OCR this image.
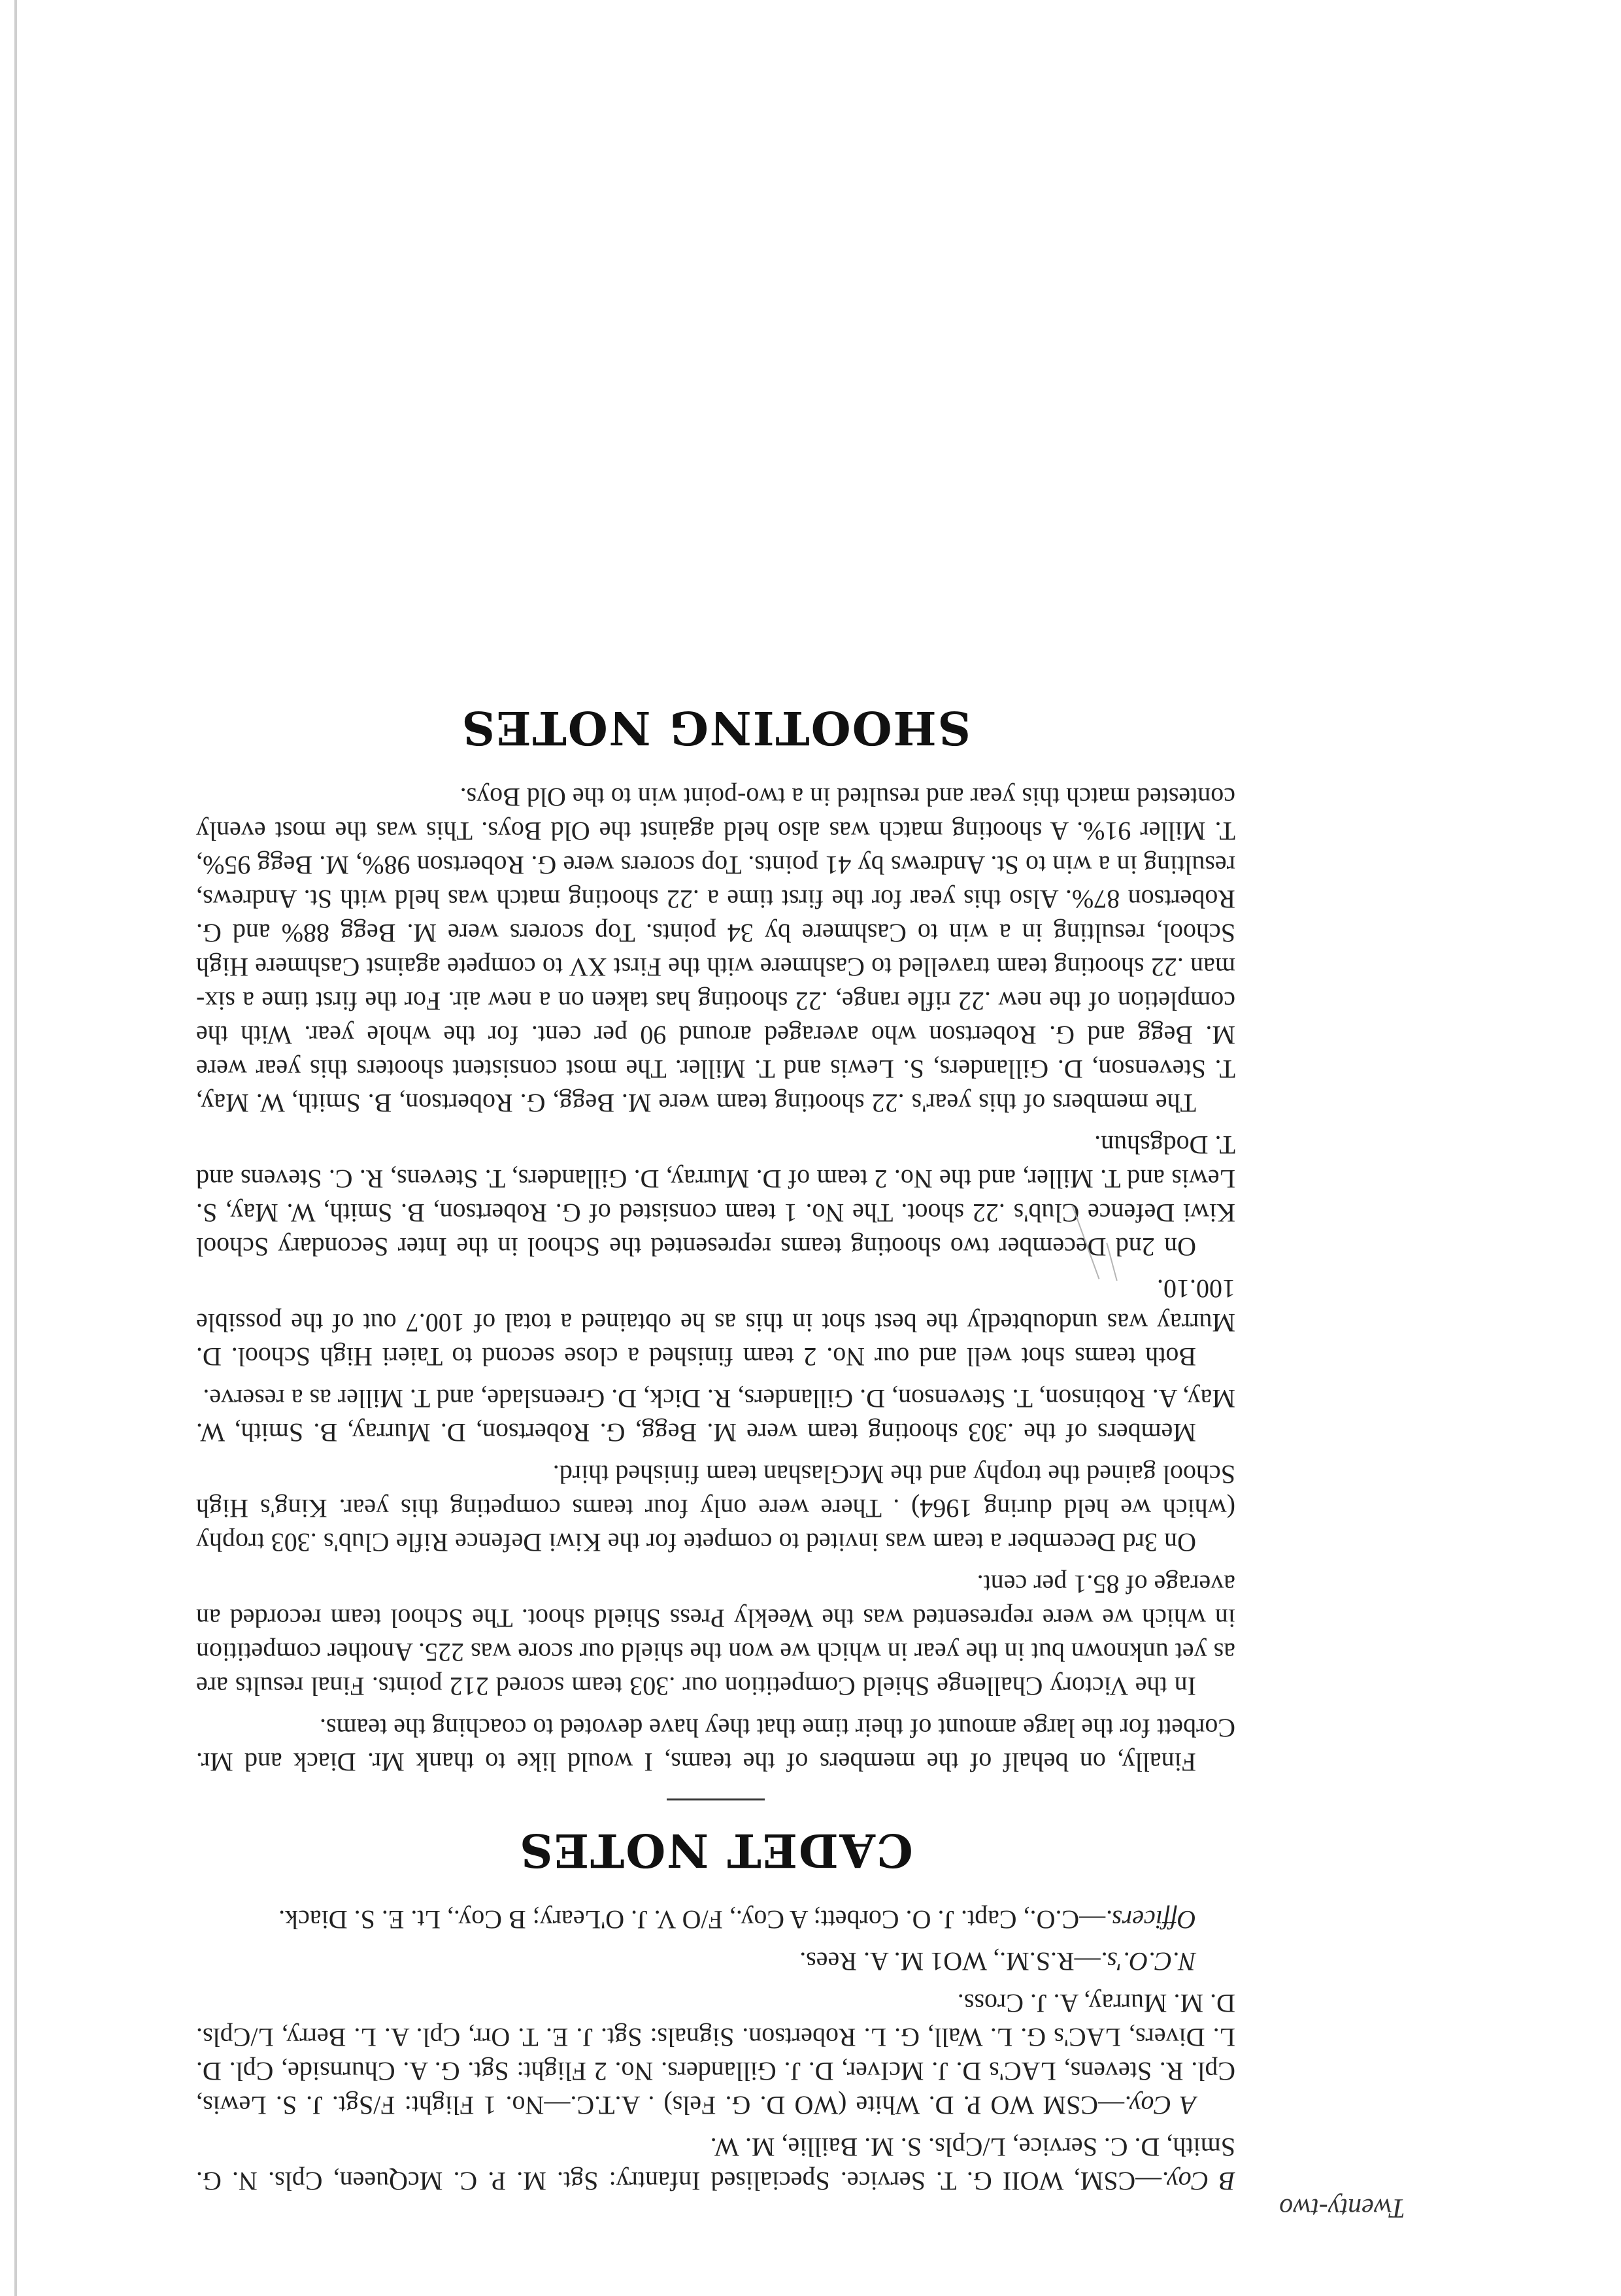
Twenty-two

B Coy.—CSM, WOII G. T. Service. Specialised Infantry: Sgt. M. P. C. McQueen, Cpls. N. G. Smith, D. C. Service, L/Cpls. S. M. Baillie, M. W.

A Coy.—CSM WO P. D. White (WO D. G. Fels) . A.T.C.—No. 1 Flight: F/Sgt. J. S. Lewis, Cpl. R. Stevens, LAC's D. J. McIver, D. J. Gillanders. No. 2 Flight: Sgt. G. A. Churnside, Cpl. D. L. Divers, LAC's G. L. Wall, G. L. Robertson. Signals: Sgt. J. E. T. Orr, Cpl. A. L. Berry, L/Cpls. D. M. Murray, A. J. Cross.

N.C.O.'s.—R.S.M., WO1 M. A. Rees.

Officers.—C.O., Capt. J. O. Corbett; A Coy., F/O V. J. O'Leary; B Coy., Lt. E. S. Diack.

CADET NOTES

Finally, on behalf of the members of the teams, I would like to thank Mr. Diack and Mr. Corbett for the large amount of their time that they have devoted to coaching the teams.

In the Victory Challenge Shield Competition our .303 team scored 212 points. Final results are as yet unknown but in the year in which we won the shield our score was 225. Another competition in which we were represented was the Weekly Press Shield shoot. The School team recorded an average of 85.1 per cent.

On 3rd December a team was invited to compete for the Kiwi Defence Rifle Club's .303 trophy (which we held during 1964) . There were only four teams competing this year. King's High School gained the trophy and the McGlashan team finished third.

Members of the .303 shooting team were M. Begg, G. Robertson, D. Murray, B. Smith, W. May, A. Robinson, T. Stevenson, D. Gillanders, R. Dick, D. Greenslade, and T. Miller as a reserve.

Both teams shot well and our No. 2 team finished a close second to Taieri High School. D. Murray was undoubtedly the best shot in this as he obtained a total of 100.7 out of the possible 100.10.

On 2nd December two shooting teams represented the School in the Inter Secondary School Kiwi Defence Club's .22 shoot. The No. 1 team consisted of G. Robertson, B. Smith, W. May, S. Lewis and T. Miller, and the No. 2 team of D. Murray, D. Gillanders, T. Stevens, R. C. Stevens and T. Dodgshun.

The members of this year's .22 shooting team were M. Begg, G. Robertson, B. Smith, W. May, T. Stevenson, D. Gillanders, S. Lewis and T. Miller. The most consistent shooters this year were M. Begg and G. Robertson who averaged around 90 per cent. for the whole year. With the completion of the new .22 rifle range, .22 shooting has taken on a new air. For the first time a six-man .22 shooting team travelled to Cashmere with the First XV to compete against Cashmere High School, resulting in a win to Cashmere by 34 points. Top scorers were M. Begg 88% and G. Robertson 87%. Also this year for the first time a .22 shooting match was held with St. Andrews, resulting in a win to St. Andrews by 41 points. Top scorers were G. Robertson 98%, M. Begg 95%, T. Miller 91%. A shooting match was also held against the Old Boys. This was the most evenly contested match this year and resulted in a two-point win to the Old Boys.

SHOOTING NOTES
